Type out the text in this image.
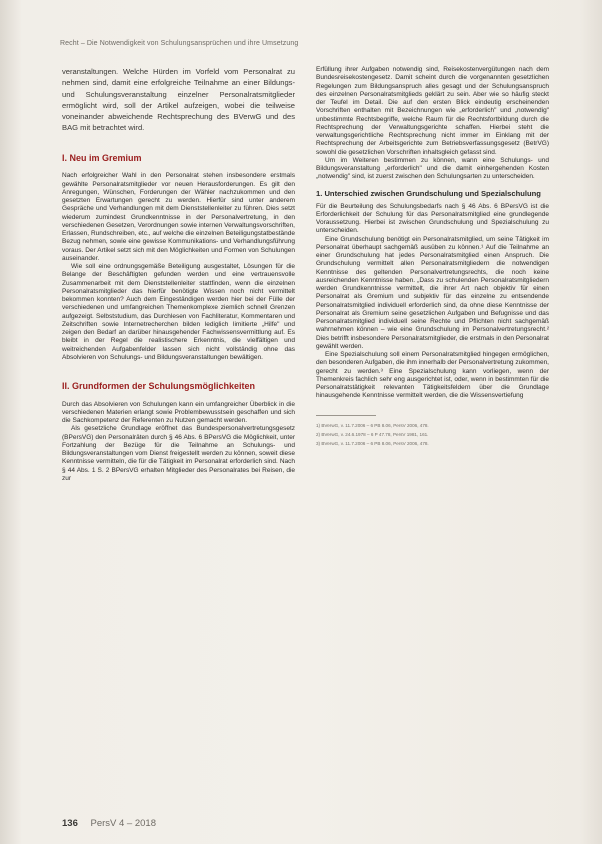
Recht – Die Notwendigkeit von Schulungsansprüchen und ihre Umsetzung

veranstaltungen. Welche Hürden im Vorfeld vom Personalrat zu nehmen sind, damit eine erfolgreiche Teilnahme an einer Bildungs- und Schulungsveranstaltung einzelner Personalratsmitglieder ermöglicht wird, soll der Artikel aufzeigen, wobei die teilweise voneinander abweichende Rechtsprechung des BVerwG und des BAG mit betrachtet wird.

I. Neu im Gremium

Nach erfolgreicher Wahl in den Personalrat stehen insbesondere erstmals gewählte Personalratsmitglieder vor neuen Herausforderungen. Es gilt den Anregungen, Wünschen, Forderungen der Wähler nachzukommen und den gesetzten Erwartungen gerecht zu werden. Hierfür sind unter anderem Gespräche und Verhandlungen mit dem Dienststellenleiter zu führen. Dies setzt wiederum zumindest Grundkenntnisse in der Personalvertretung, in den verschiedenen Gesetzen, Verordnungen sowie internen Verwaltungsvorschriften, Erlassen, Rundschreiben, etc., auf welche die einzelnen Beteiligungstatbestände Bezug nehmen, sowie eine gewisse Kommunikations- und Verhandlungsführung voraus. Der Artikel setzt sich mit den Möglichkeiten und Formen von Schulungen auseinander.

Wie soll eine ordnungsgemäße Beteiligung ausgestaltet, Lösungen für die Belange der Beschäftigten gefunden werden und eine vertrauensvolle Zusammenarbeit mit dem Dienststellenleiter stattfinden, wenn die einzelnen Personalratsmitglieder das hierfür benötigte Wissen noch nicht vermittelt bekommen konnten? Auch dem Eingeständigen werden hier bei der Fülle der verschiedenen und umfangreichen Themenkomplexe ziemlich schnell Grenzen aufgezeigt. Selbststudium, das Durchlesen von Fachliteratur, Kommentaren und Zeitschriften sowie Internetrecherchen bilden lediglich limitierte „Hilfe" und zeigen den Bedarf an darüber hinausgehender Fachwissensvermittlung auf. Es bleibt in der Regel die realistischere Erkenntnis, die vielfältigen und weitreichenden Aufgabenfelder lassen sich nicht vollständig ohne das Absolvieren von Schulungs- und Bildungsveranstaltungen bewältigen.

II. Grundformen der Schulungsmöglichkeiten

Durch das Absolvieren von Schulungen kann ein umfangreicher Überblick in die verschiedenen Materien erlangt sowie Problembewusstsein geschaffen und sich die Sachkompetenz der Referenten zu Nutzen gemacht werden.

Als gesetzliche Grundlage eröffnet das Bundespersonalvertretungsgesetz (BPersVG) den Personalräten durch § 46 Abs. 6 BPersVG die Möglichkeit, unter Fortzahlung der Bezüge für die Teilnahme an Schulungs- und Bildungsveranstaltungen vom Dienst freigestellt werden zu können, soweit diese Kenntnisse vermitteln, die für die Tätigkeit im Personalrat erforderlich sind. Nach § 44 Abs. 1 S. 2 BPersVG erhalten Mitglieder des Personalrates bei Reisen, die zur

Erfüllung ihrer Aufgaben notwendig sind, Reisekostenvergütungen nach dem Bundesreisekostengesetz. Damit scheint durch die vorgenannten gesetzlichen Regelungen zum Bildungsanspruch alles gesagt und der Schulungsanspruch des einzelnen Personalratsmitglieds geklärt zu sein. Aber wie so häufig steckt der Teufel im Detail. Die auf den ersten Blick eindeutig erscheinenden Vorschriften enthalten mit Bezeichnungen wie „erforderlich" und „notwendig" unbestimmte Rechtsbegriffe, welche Raum für die Rechtsfortbildung durch die Rechtsprechung der Verwaltungsgerichte schaffen. Hierbei steht die verwaltungsgerichtliche Rechtsprechung nicht immer im Einklang mit der Rechtsprechung der Arbeitsgerichte zum Betriebsverfassungsgesetz (BetrVG) sowohl die gesetzlichen Vorschriften inhaltsgleich gefasst sind.

Um im Weiteren bestimmen zu können, wann eine Schulungs- und Bildungsveranstaltung „erforderlich" und die damit einhergehenden Kosten „notwendig" sind, ist zuerst zwischen den Schulungsarten zu unterscheiden.

1. Unterschied zwischen Grundschulung und Spezialschulung

Für die Beurteilung des Schulungsbedarfs nach § 46 Abs. 6 BPersVG ist die Erforderlichkeit der Schulung für das Personalratsmitglied eine grundlegende Voraussetzung. Hierbei ist zwischen Grundschulung und Spezialschulung zu unterscheiden.

Eine Grundschulung benötigt ein Personalratsmitglied, um seine Tätigkeit im Personalrat überhaupt sachgemäß ausüben zu können.¹ Auf die Teilnahme an einer Grundschulung hat jedes Personalratsmitglied einen Anspruch. Die Grundschulung vermittelt allen Personalratsmitgliedern die notwendigen Kenntnisse des geltenden Personalvertretungsrechts, die noch keine ausreichenden Kenntnisse haben. „Dass zu schulenden Personalratsmitgliedern werden Grundkenntnisse vermittelt, die ihrer Art nach objektiv für einen Personalrat als Gremium und subjektiv für das einzelne zu entsendende Personalratsmitglied individuell erforderlich sind, da ohne diese Kenntnisse der Personalrat als Gremium seine gesetzlichen Aufgaben und Befugnisse und das Personalratsmitglied individuell seine Rechte und Pflichten nicht sachgemäß wahrnehmen können – wie eine Grundschulung im Personalvertretungsrecht.² Dies betrifft insbesondere Personalratsmitglieder, die erstmals in den Personalrat gewählt werden.

Eine Spezialschulung soll einem Personalratsmitglied hingegen ermöglichen, den besonderen Aufgaben, die ihm innerhalb der Personalvertretung zukommen, gerecht zu werden.³ Eine Spezialschulung kann vorliegen, wenn der Themenkreis fachlich sehr eng ausgerichtet ist, oder, wenn in bestimmten für die Personalratstätigkeit relevanten Tätigkeitsfeldern über die Grundlage hinausgehende Kenntnisse vermittelt werden, die die Wissensvertiefung

1) BVerwG, v. 11.7.2006 – 6 PB 8.06, PersV 2006, 478.
2) BVerwG, v. 24.6.1978 – 6 P 47.78, PersV 1981, 161.
3) BVerwG, v. 11.7.2006 – 6 PB 8.06, PersV 2006, 478.
136 PersV 4 – 2018
